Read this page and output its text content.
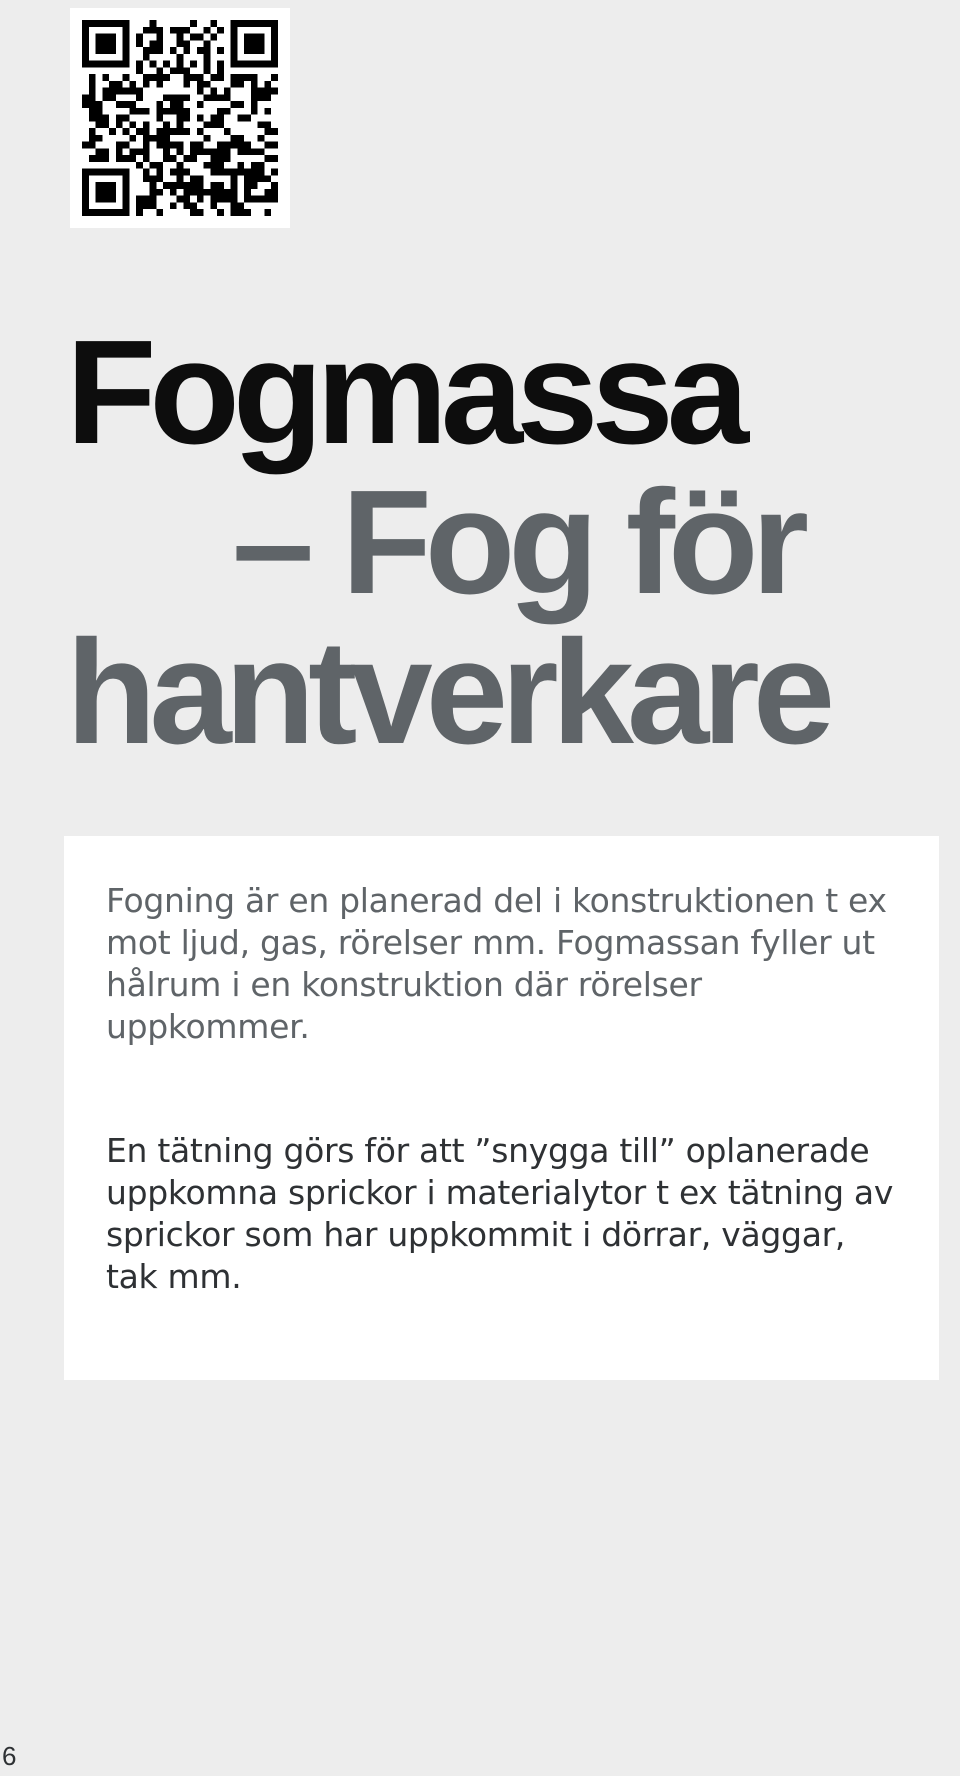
Fogmassa
– Fog för
hantverkare

Fogning är en planerad del i konstruktionen t ex mot ljud, gas, rörelser mm. Fogmassan fyller ut hålrum i en konstruktion där rörelser uppkommer.

En tätning görs för att ”snygga till” oplanerade uppkomna sprickor i materialytor t ex tätning av sprickor som har uppkommit i dörrar, väggar, tak mm.

6
